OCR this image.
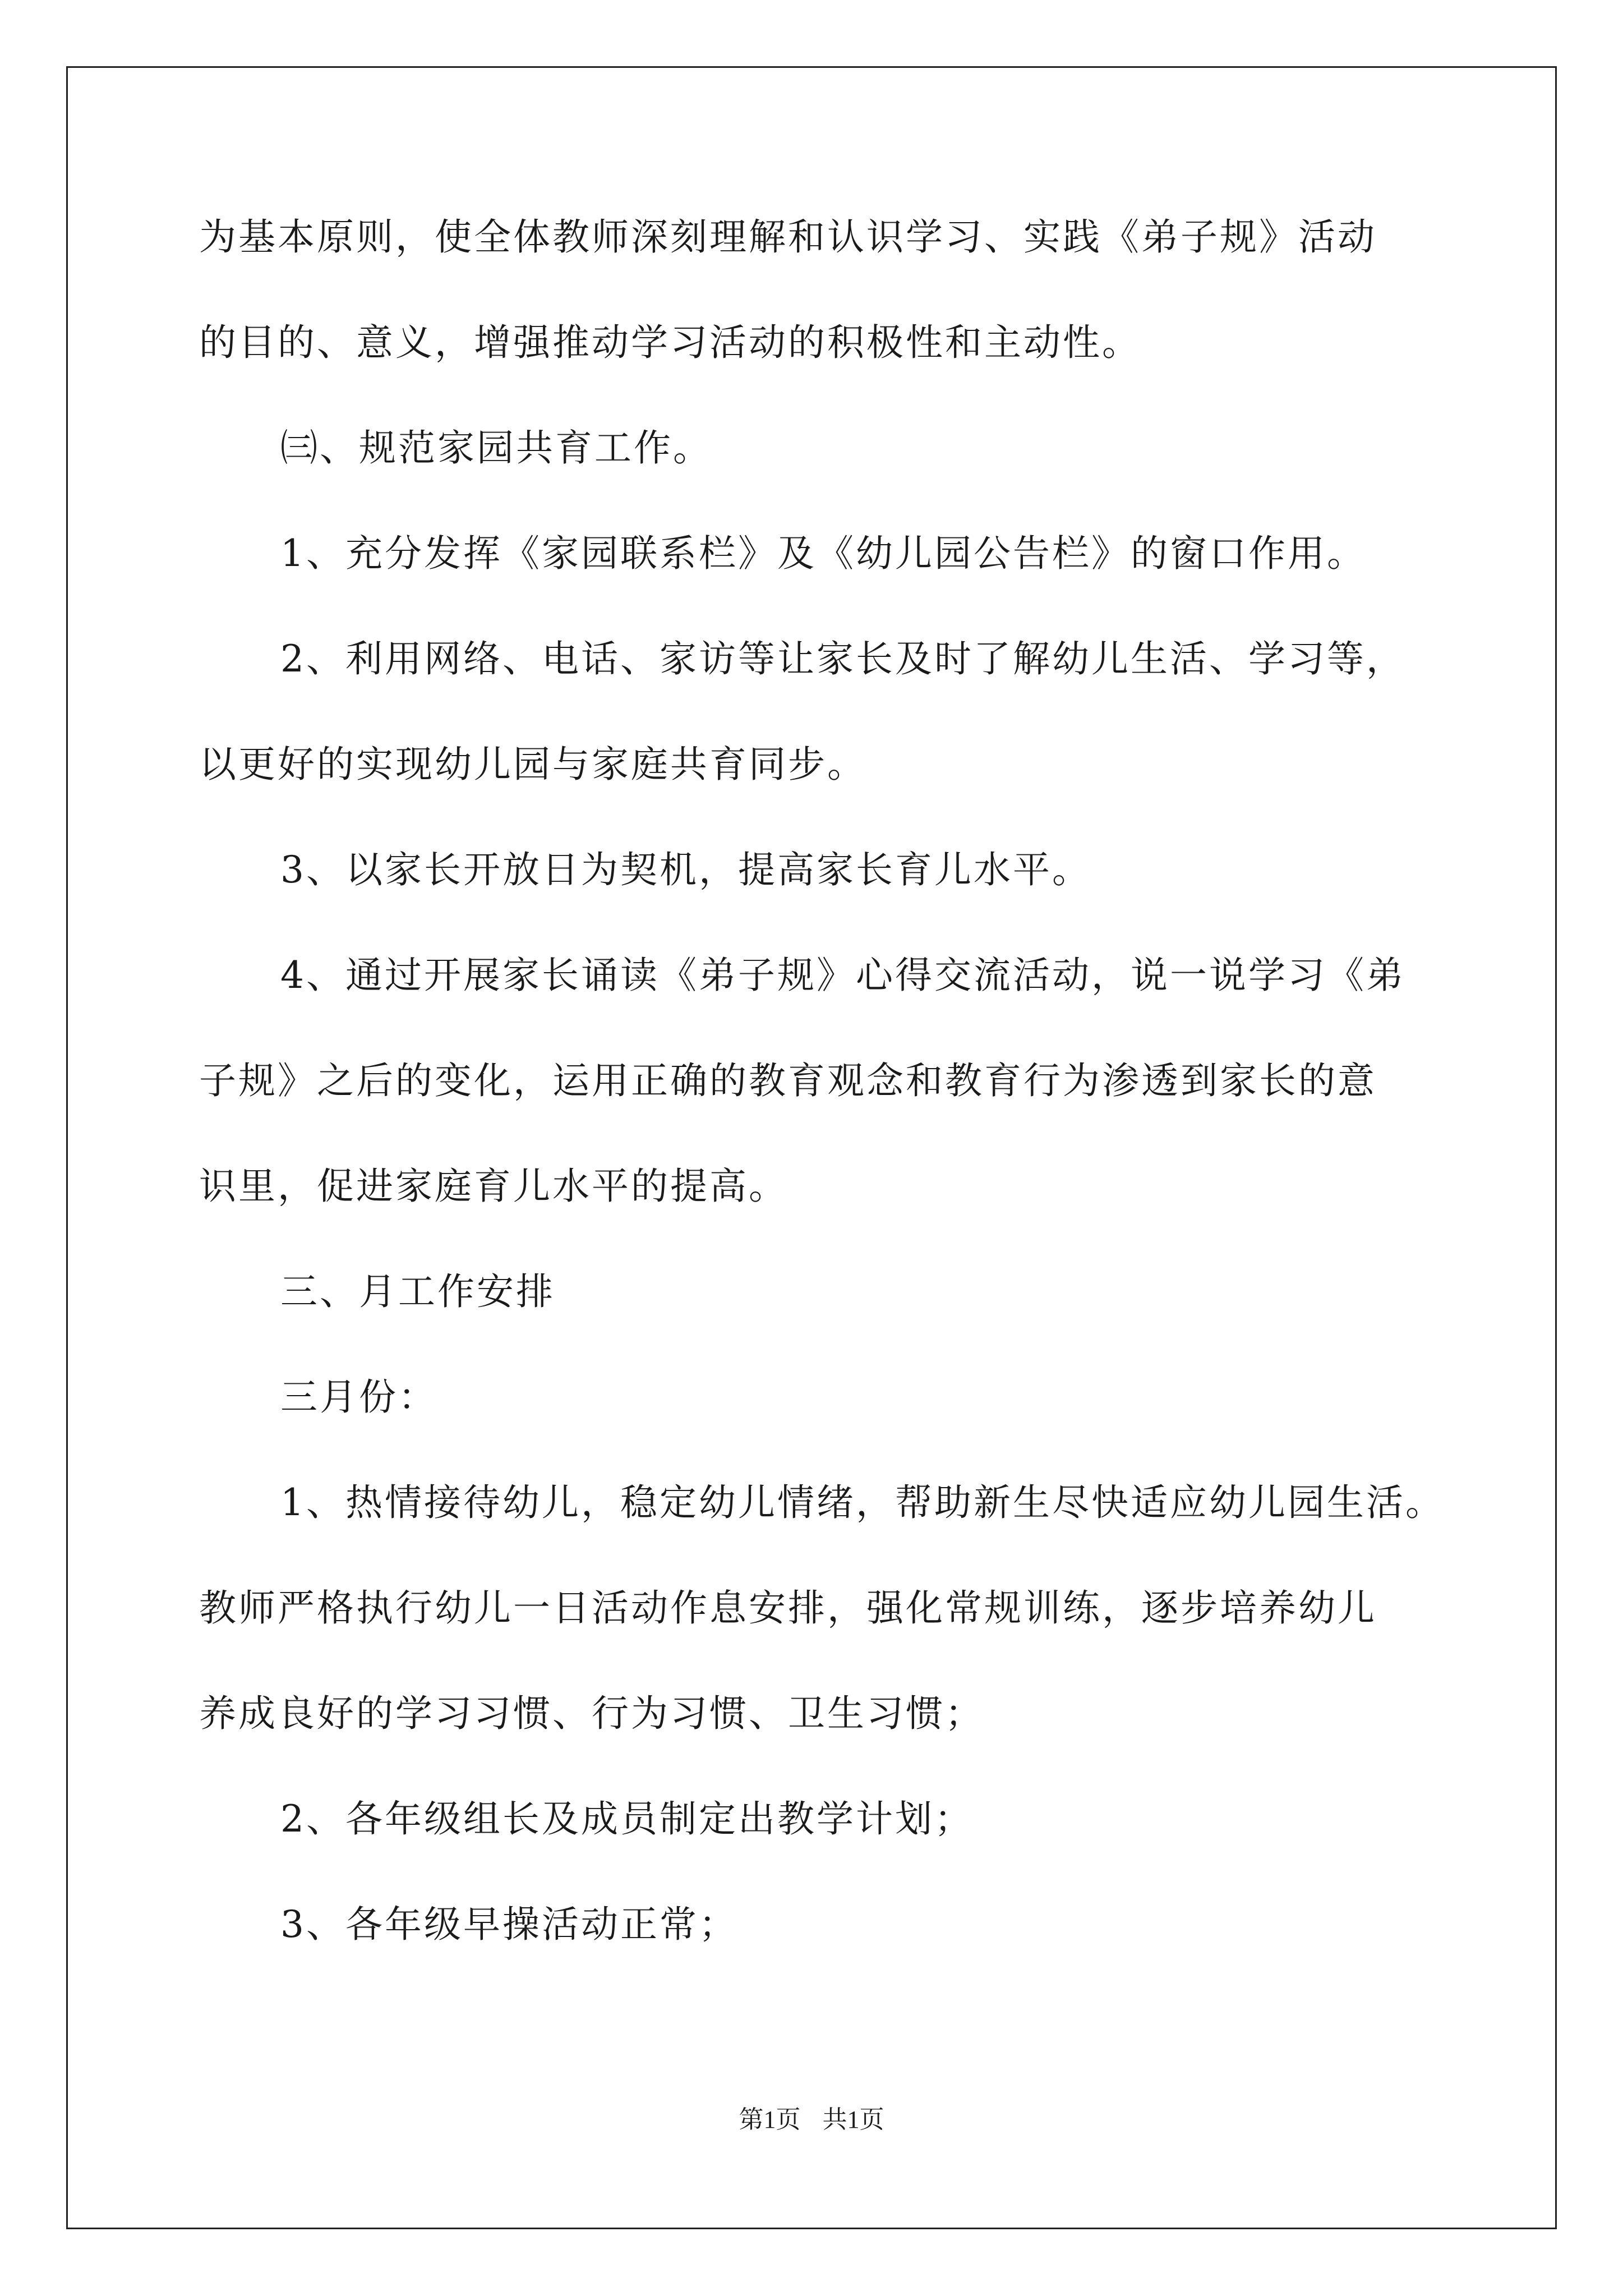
为基本原则，使全体教师深刻理解和认识学习、实践《弟子规》活动
的目的、意义，增强推动学习活动的积极性和主动性。
㈢、规范家园共育工作。
1、充分发挥《家园联系栏》及《幼儿园公告栏》的窗口作用。
2、利用网络、电话、家访等让家长及时了解幼儿生活、学习等，
以更好的实现幼儿园与家庭共育同步。
3、以家长开放日为契机，提高家长育儿水平。
4、通过开展家长诵读《弟子规》心得交流活动，说一说学习《弟
子规》之后的变化，运用正确的教育观念和教育行为渗透到家长的意
识里，促进家庭育儿水平的提高。
三、月工作安排
三月份：
1、热情接待幼儿，稳定幼儿情绪，帮助新生尽快适应幼儿园生活。
教师严格执行幼儿一日活动作息安排，强化常规训练，逐步培养幼儿
养成良好的学习习惯、行为习惯、卫生习惯；
2、各年级组长及成员制定出教学计划；
3、各年级早操活动正常；
第1页 共1页
